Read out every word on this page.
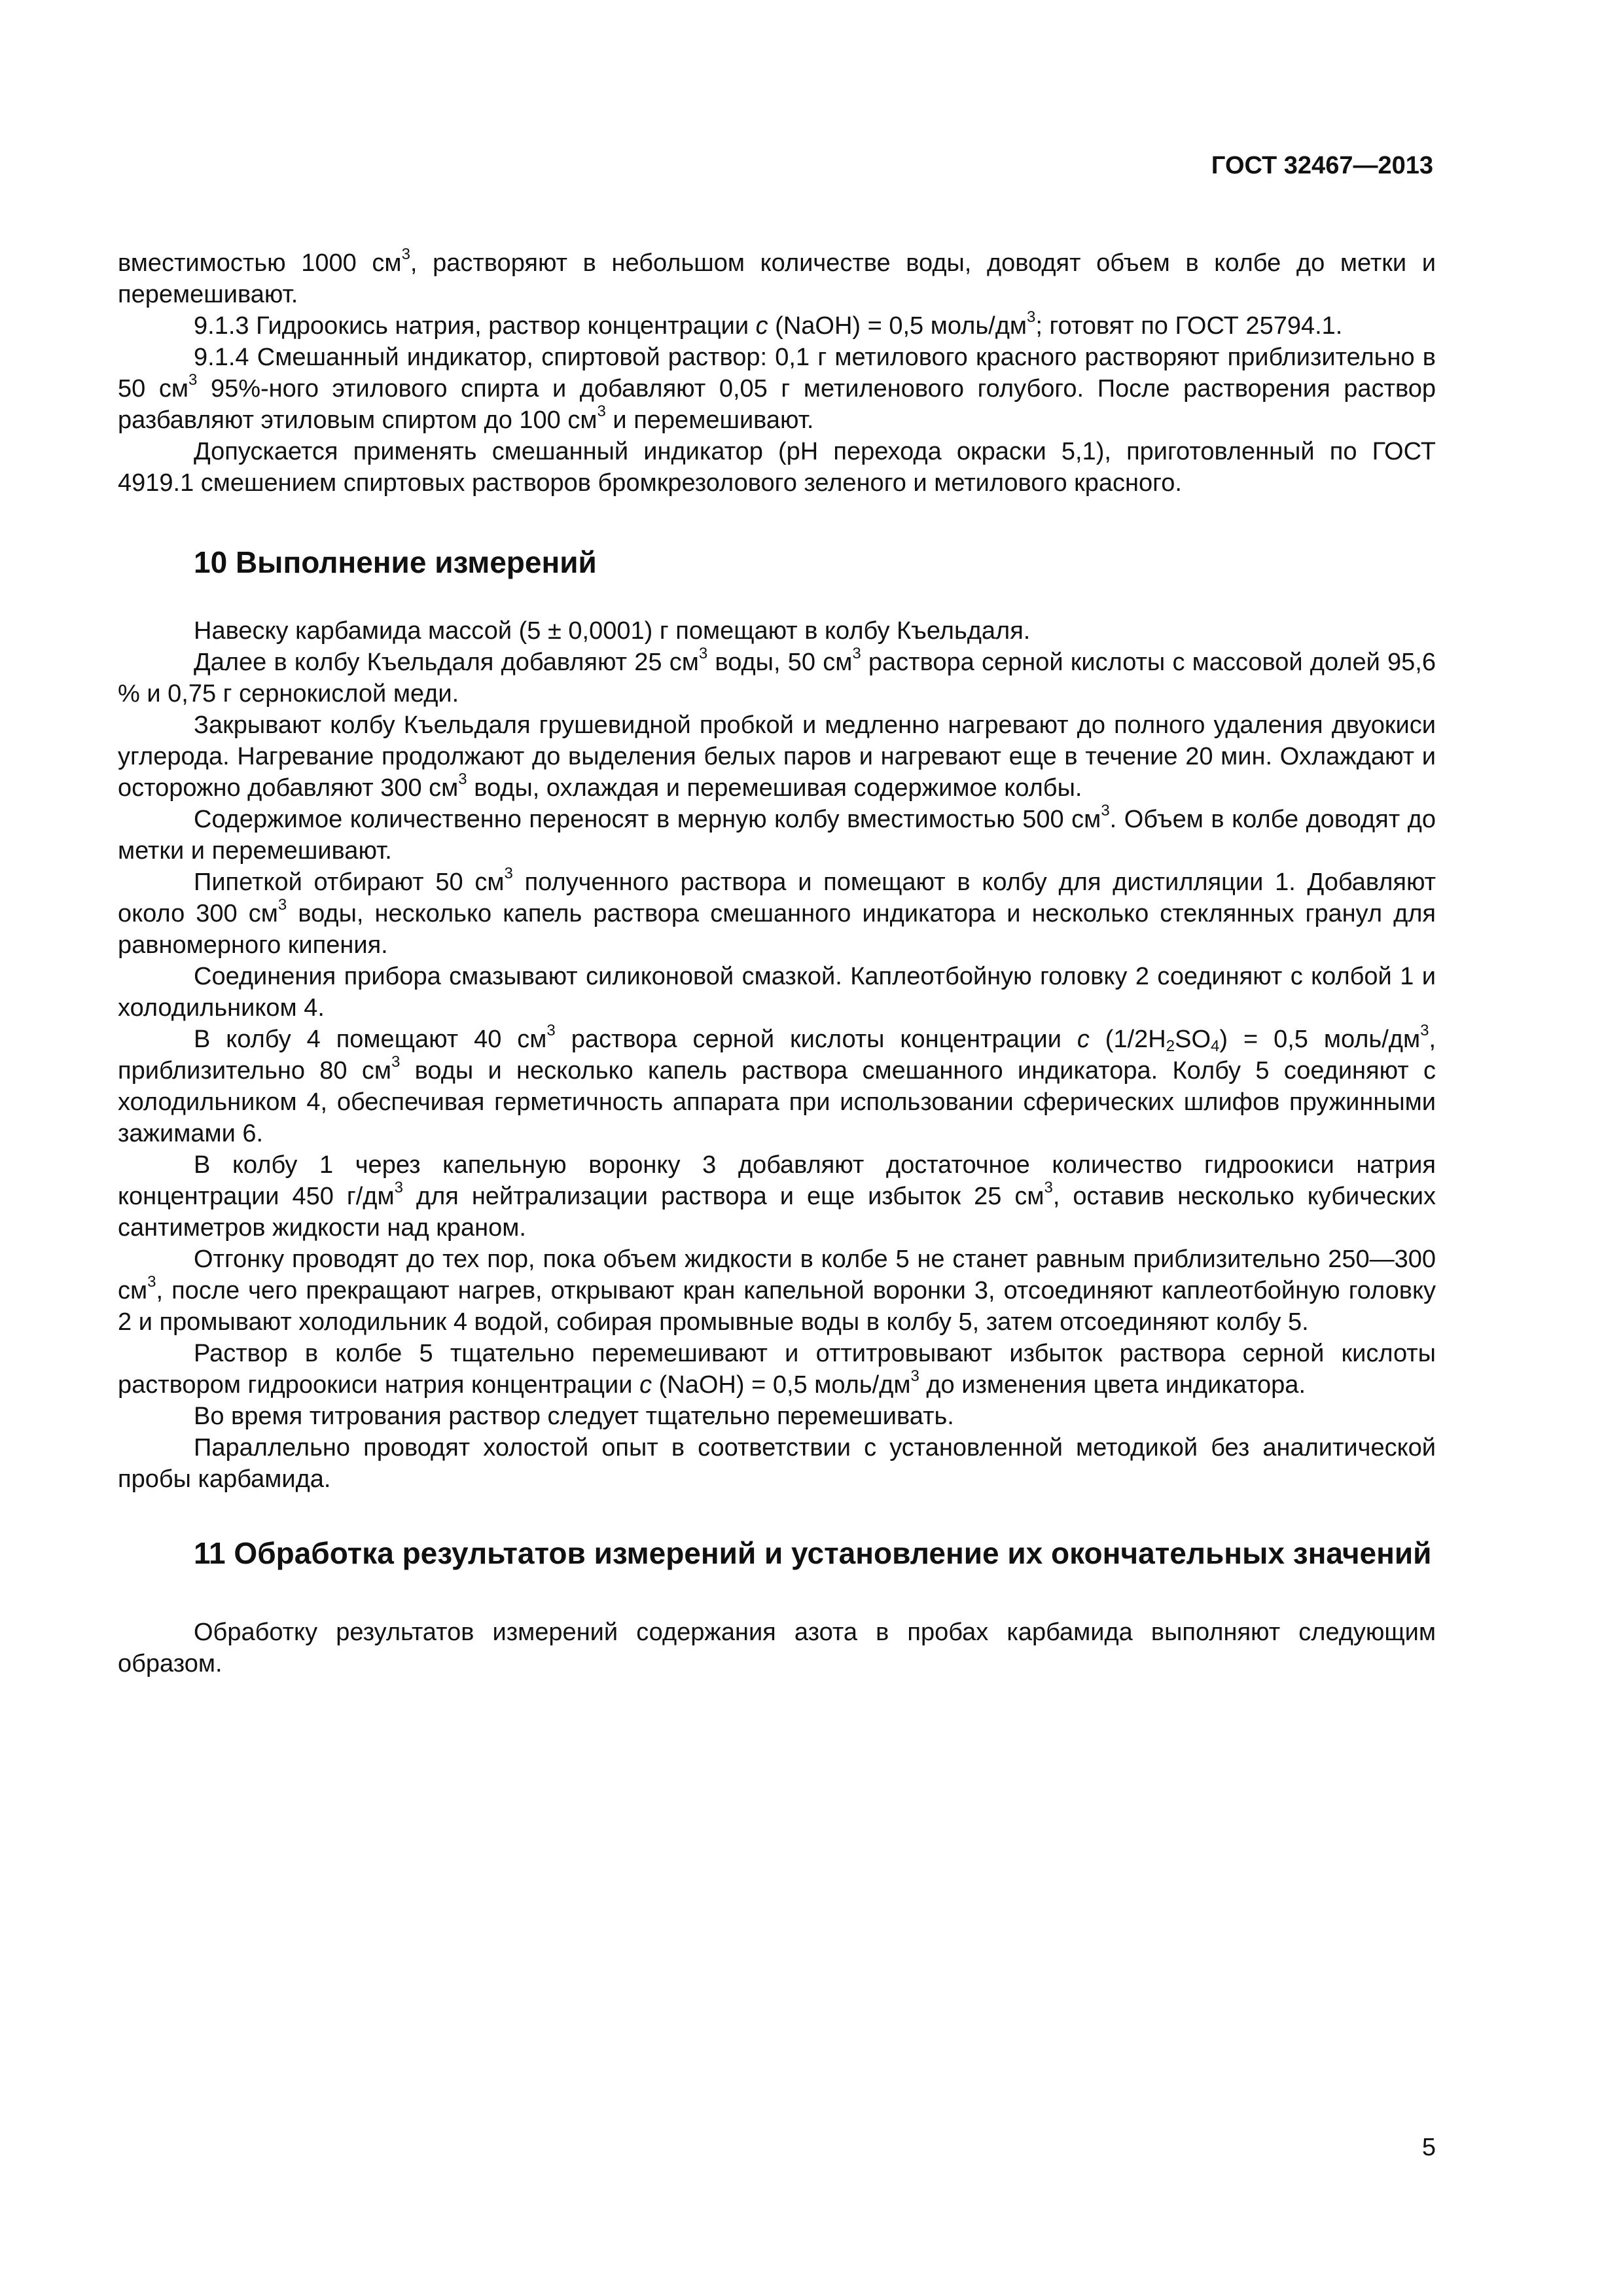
ГОСТ 32467—2013

вместимостью 1000 $см^3$, растворяют в небольшом количестве воды, доводят объем в колбе до метки и перемешивают.

9.1.3 Гидроокись натрия, раствор концентрации c (NaOH) = 0,5 моль/$дм^3$; готовят по ГОСТ 25794.1.

9.1.4 Смешанный индикатор, спиртовой раствор: 0,1 г метилового красного растворяют приблизительно в 50 $см^3$ 95%-ного этилового спирта и добавляют 0,05 г метиленового голубого. После растворения раствор разбавляют этиловым спиртом до 100 $см^3$ и перемешивают.

Допускается применять смешанный индикатор (pH перехода окраски 5,1), приготовленный по ГОСТ 4919.1 смешением спиртовых растворов бромкрезолового зеленого и метилового красного.

10 Выполнение измерений

Навеску карбамида массой (5 ± 0,0001) г помещают в колбу Къельдаля.

Далее в колбу Къельдаля добавляют 25 $см^3$ воды, 50 $см^3$ раствора серной кислоты с массовой долей 95,6 % и 0,75 г сернокислой меди.

Закрывают колбу Къельдаля грушевидной пробкой и медленно нагревают до полного удаления двуокиси углерода. Нагревание продолжают до выделения белых паров и нагревают еще в течение 20 мин. Охлаждают и осторожно добавляют 300 $см^3$ воды, охлаждая и перемешивая содержимое колбы.

Содержимое количественно переносят в мерную колбу вместимостью 500 $см^3$. Объем в колбе доводят до метки и перемешивают.

Пипеткой отбирают 50 $см^3$ полученного раствора и помещают в колбу для дистилляции 1. Добавляют около 300 $см^3$ воды, несколько капель раствора смешанного индикатора и несколько стеклянных гранул для равномерного кипения.

Соединения прибора смазывают силиконовой смазкой. Каплеотбойную головку 2 соединяют с колбой 1 и холодильником 4.

В колбу 4 помещают 40 $см^3$ раствора серной кислоты концентрации c $(1/2H_2SO_4) = 0,5$ моль/$дм^3$, приблизительно 80 $см^3$ воды и несколько капель раствора смешанного индикатора. Колбу 5 соединяют с холодильником 4, обеспечивая герметичность аппарата при использовании сферических шлифов пружинными зажимами 6.

В колбу 1 через капельную воронку 3 добавляют достаточное количество гидроокиси натрия концентрации 450 $г/дм^3$ для нейтрализации раствора и еще избыток 25 $см^3$, оставив несколько кубических сантиметров жидкости над краном.

Отгонку проводят до тех пор, пока объем жидкости в колбе 5 не станет равным приблизительно 250—300 $см^3$, после чего прекращают нагрев, открывают кран капельной воронки 3, отсоединяют каплеотбойную головку 2 и промывают холодильник 4 водой, собирая промывные воды в колбу 5, затем отсоединяют колбу 5.

Раствор в колбе 5 тщательно перемешивают и оттитровывают избыток раствора серной кислоты раствором гидроокиси натрия концентрации c (NaOH) = 0,5 моль/$дм^3$ до изменения цвета индикатора.

Во время титрования раствор следует тщательно перемешивать.

Параллельно проводят холостой опыт в соответствии с установленной методикой без аналитической пробы карбамида.

11 Обработка результатов измерений и установление их окончательных значений

Обработку результатов измерений содержания азота в пробах карбамида выполняют следующим образом.

5
